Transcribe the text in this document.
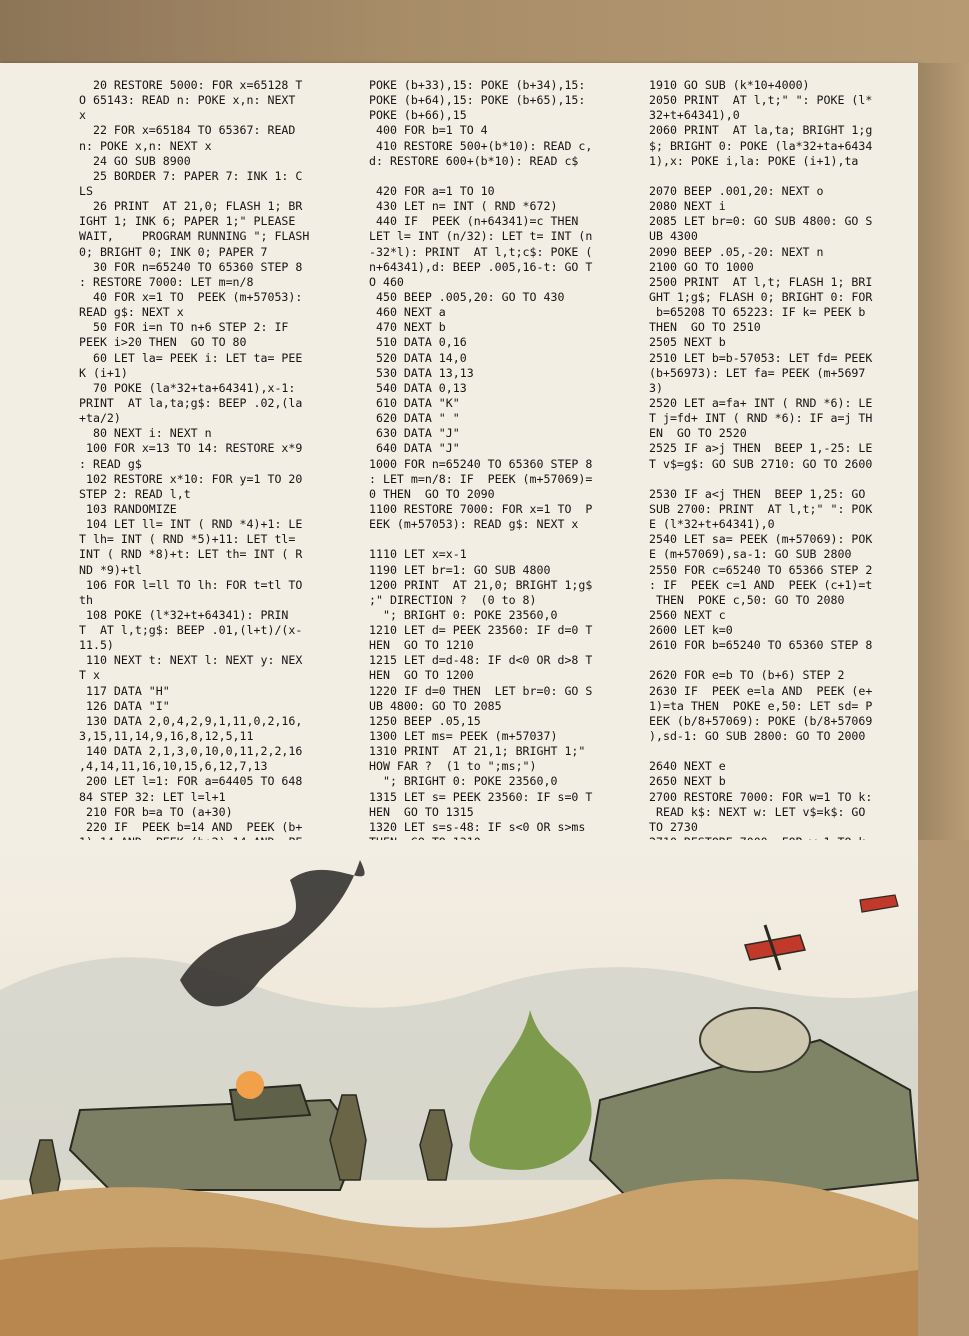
20 RESTORE 5000: FOR x=65128 T
O 65143: READ n: POKE x,n: NEXT
x
22 FOR x=65184 TO 65367: READ
n: POKE x,n: NEXT x
24 GO SUB 8900
25 BORDER 7: PAPER 7: INK 1: C
LS
26 PRINT  AT 21,0; FLASH 1; BR
IGHT 1; INK 6; PAPER 1;" PLEASE
WAIT,    PROGRAM RUNNING "; FLASH
0; BRIGHT 0; INK 0; PAPER 7
30 FOR n=65240 TO 65360 STEP 8
: RESTORE 7000: LET m=n/8
40 FOR x=1 TO  PEEK (m+57053):
READ g$: NEXT x
50 FOR i=n TO n+6 STEP 2: IF
PEEK i>20 THEN  GO TO 80
60 LET la= PEEK i: LET ta= PEE
K (i+1)
70 POKE (la*32+ta+64341),x-1:
PRINT  AT la,ta;g$: BEEP .02,(la
+ta/2)
80 NEXT i: NEXT n
100 FOR x=13 TO 14: RESTORE x*9
: READ g$
102 RESTORE x*10: FOR y=1 TO 20
STEP 2: READ l,t
103 RANDOMIZE
104 LET ll= INT ( RND *4)+1: LE
T lh= INT ( RND *5)+11: LET tl=
INT ( RND *8)+t: LET th= INT ( R
ND *9)+tl
106 FOR l=ll TO lh: FOR t=tl TO
th
108 POKE (l*32+t+64341): PRIN
T  AT l,t;g$: BEEP .01,(l+t)/(x-
11.5)
110 NEXT t: NEXT l: NEXT y: NEX
T x
117 DATA "H"
126 DATA "I"
130 DATA 2,0,4,2,9,1,11,0,2,16,
3,15,11,14,9,16,8,12,5,11
140 DATA 2,1,3,0,10,0,11,2,2,16
,4,14,11,16,10,15,6,12,7,13
200 LET l=1: FOR a=64405 TO 648
84 STEP 32: LET l=l+1
210 FOR b=a TO (a+30)
220 IF  PEEK b=14 AND  PEEK (b+
POKE (b+33),15: POKE (b+34),15:
POKE (b+64),15: POKE (b+65),15:
POKE (b+66),15
400 FOR b=1 TO 4
410 RESTORE 500+(b*10): READ c,
d: RESTORE 600+(b*10): READ c$
420 FOR a=1 TO 10
430 LET n= INT ( RND *672)
440 IF  PEEK (n+64341)=c THEN
LET l= INT (n/32): LET t= INT (n
-32*l): PRINT  AT l,t;c$: POKE (
n+64341),d: BEEP .005,16-t: GO T
O 460
450 BEEP .005,20: GO TO 430
460 NEXT a
470 NEXT b
510 DATA 0,16
520 DATA 14,0
530 DATA 13,13
540 DATA 0,13
610 DATA "K"
620 DATA " "
630 DATA "J"
640 DATA "J"
1000 FOR n=65240 TO 65360 STEP 8
: LET m=n/8: IF  PEEK (m+57069)=
0 THEN  GO TO 2090
1100 RESTORE 7000: FOR x=1 TO  P
EEK (m+57053): READ g$: NEXT x
1110 LET x=x-1
1190 LET br=1: GO SUB 4800
1200 PRINT  AT 21,0; BRIGHT 1;g$
;" DIRECTION ?  (0 to 8)
"; BRIGHT 0: POKE 23560,0
1210 LET d= PEEK 23560: IF d=0 T
HEN  GO TO 1210
1215 LET d=d-48: IF d<0 OR d>8 T
HEN  GO TO 1200
1220 IF d=0 THEN  LET br=0: GO S
UB 4800: GO TO 2085
1250 BEEP .05,15
1300 LET ms= PEEK (m+57037)
1310 PRINT  AT 21,1; BRIGHT 1;"
HOW FAR ?  (1 to ";ms;")
"; BRIGHT 0: POKE 23560,0
1315 LET s= PEEK 23560: IF s=0 T
HEN  GO TO 1315
1320 LET s=s-48: IF s<0 OR s>ms
1910 GO SUB (k*10+4000)
2050 PRINT  AT l,t;" ": POKE (l*
32+t+64341),0
2060 PRINT  AT la,ta; BRIGHT 1;g
$; BRIGHT 0: POKE (la*32+ta+6434
1),x: POKE i,la: POKE (i+1),ta
2070 BEEP .001,20: NEXT o
2080 NEXT i
2085 LET br=0: GO SUB 4800: GO S
UB 4300
2090 BEEP .05,-20: NEXT n
2100 GO TO 1000
2500 PRINT  AT l,t; FLASH 1; BRI
GHT 1;g$; FLASH 0; BRIGHT 0: FOR
b=65208 TO 65223: IF k= PEEK b
THEN  GO TO 2510
2505 NEXT b
2510 LET b=b-57053: LET fd= PEEK
(b+56973): LET fa= PEEK (m+5697
3)
2520 LET a=fa+ INT ( RND *6): LE
T j=fd+ INT ( RND *6): IF a=j TH
EN  GO TO 2520
2525 IF a>j THEN  BEEP 1,-25: LE
T v$=g$: GO SUB 2710: GO TO 2600
2530 IF a<j THEN  BEEP 1,25: GO
SUB 2700: PRINT  AT l,t;" ": POK
E (l*32+t+64341),0
2540 LET sa= PEEK (m+57069): POK
E (m+57069),sa-1: GO SUB 2800
2550 FOR c=65240 TO 65366 STEP 2
: IF  PEEK c=1 AND  PEEK (c+1)=t
THEN  POKE c,50: GO TO 2080
2560 NEXT c
2600 LET k=0
2610 FOR b=65240 TO 65360 STEP 8
2620 FOR e=b TO (b+6) STEP 2
2630 IF  PEEK e=la AND  PEEK (e+
1)=ta THEN  POKE e,50: LET sd= P
EEK (b/8+57069): POKE (b/8+57069
),sd-1: GO SUB 2800: GO TO 2000
2640 NEXT e
2650 NEXT b
2700 RESTORE 7000: FOR w=1 TO k:
READ k$: NEXT w: LET v$=k$: GO
TO 2730
